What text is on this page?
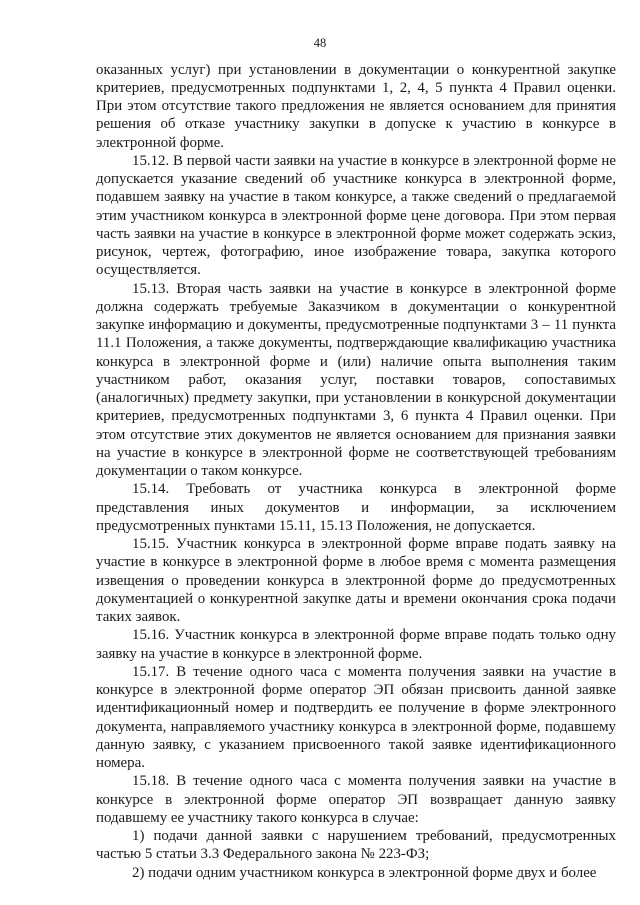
48

оказанных услуг) при установлении в документации о конкурентной закупке критериев, предусмотренных подпунктами 1, 2, 4, 5 пункта 4 Правил оценки. При этом отсутствие такого предложения не является основанием для принятия решения об отказе участнику закупки в допуске к участию в конкурсе в электронной форме.

15.12. В первой части заявки на участие в конкурсе в электронной форме не допускается указание сведений об участнике конкурса в электронной форме, подавшем заявку на участие в таком конкурсе, а также сведений о предлагаемой этим участником конкурса в электронной форме цене договора. При этом первая часть заявки на участие в конкурсе в электронной форме может содержать эскиз, рисунок, чертеж, фотографию, иное изображение товара, закупка которого осуществляется.

15.13. Вторая часть заявки на участие в конкурсе в электронной форме должна содержать требуемые Заказчиком в документации о конкурентной закупке информацию и документы, предусмотренные подпунктами 3 – 11 пункта 11.1 Положения, а также документы, подтверждающие квалификацию участника конкурса в электронной форме и (или) наличие опыта выполнения таким участником работ, оказания услуг, поставки товаров, сопоставимых (аналогичных) предмету закупки, при установлении в конкурсной документации критериев, предусмотренных подпунктами 3, 6 пункта 4 Правил оценки. При этом отсутствие этих документов не является основанием для признания заявки на участие в конкурсе в электронной форме не соответствующей требованиям документации о таком конкурсе.

15.14. Требовать от участника конкурса в электронной форме представления иных документов и информации, за исключением предусмотренных пунктами 15.11, 15.13 Положения, не допускается.

15.15. Участник конкурса в электронной форме вправе подать заявку на участие в конкурсе в электронной форме в любое время с момента размещения извещения о проведении конкурса в электронной форме до предусмотренных документацией о конкурентной закупке даты и времени окончания срока подачи таких заявок.

15.16. Участник конкурса в электронной форме вправе подать только одну заявку на участие в конкурсе в электронной форме.

15.17. В течение одного часа с момента получения заявки на участие в конкурсе в электронной форме оператор ЭП обязан присвоить данной заявке идентификационный номер и подтвердить ее получение в форме электронного документа, направляемого участнику конкурса в электронной форме, подавшему данную заявку, с указанием присвоенного такой заявке идентификационного номера.

15.18. В течение одного часа с момента получения заявки на участие в конкурсе в электронной форме оператор ЭП возвращает данную заявку подавшему ее участнику такого конкурса в случае:

1) подачи данной заявки с нарушением требований, предусмотренных частью 5 статьи 3.3 Федерального закона № 223-ФЗ;

2) подачи одним участником конкурса в электронной форме двух и более
